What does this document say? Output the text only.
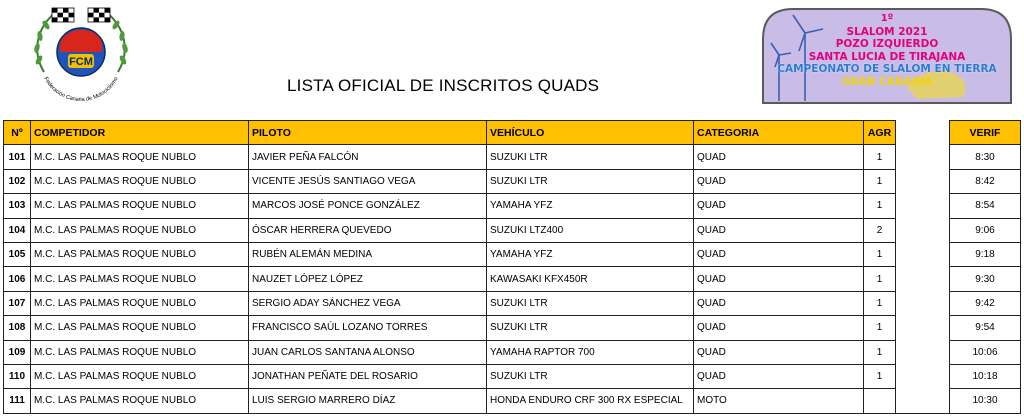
FCM
Federación Canaria de Motociclismo	LISTA OFICIAL DE INSCRITOS QUADS
1º
SLALOM 2021
POZO IZQUIERDO
SANTA LUCIA DE TIRAJANA
CAMPEONATO DE SLALOM EN TIERRA
GRAN CANARIA
Nº	COMPETIDOR	PILOTO	VEHÍCULO	CATEGORIA	AGR		VERIF
101	M.C. LAS PALMAS ROQUE NUBLO	JAVIER PEÑA FALCÓN	SUZUKI LTR	QUAD	1		8:30
102	M.C. LAS PALMAS ROQUE NUBLO	VICENTE JESÚS SANTIAGO VEGA	SUZUKI LTR	QUAD	1		8:42
103	M.C. LAS PALMAS ROQUE NUBLO	MARCOS JOSÉ PONCE GONZÁLEZ	YAMAHA YFZ	QUAD	1		8:54
104	M.C. LAS PALMAS ROQUE NUBLO	ÓSCAR HERRERA QUEVEDO	SUZUKI LTZ400	QUAD	2		9:06
105	M.C. LAS PALMAS ROQUE NUBLO	RUBÉN ALEMÁN MEDINA	YAMAHA YFZ	QUAD	1		9:18
106	M.C. LAS PALMAS ROQUE NUBLO	NAUZET LÓPEZ LÓPEZ	KAWASAKI KFX450R	QUAD	1		9:30
107	M.C. LAS PALMAS ROQUE NUBLO	SERGIO ADAY SÁNCHEZ VEGA	SUZUKI LTR	QUAD	1		9:42
108	M.C. LAS PALMAS ROQUE NUBLO	FRANCISCO SAÚL LOZANO TORRES	SUZUKI LTR	QUAD	1		9:54
109	M.C. LAS PALMAS ROQUE NUBLO	JUAN CARLOS SANTANA ALONSO	YAMAHA RAPTOR 700	QUAD	1		10:06
110	M.C. LAS PALMAS ROQUE NUBLO	JONATHAN PEÑATE DEL ROSARIO	SUZUKI LTR	QUAD	1		10:18
111	M.C. LAS PALMAS ROQUE NUBLO	LUIS SERGIO MARRERO DÍAZ	HONDA ENDURO CRF 300 RX ESPECIAL	MOTO			10:30
